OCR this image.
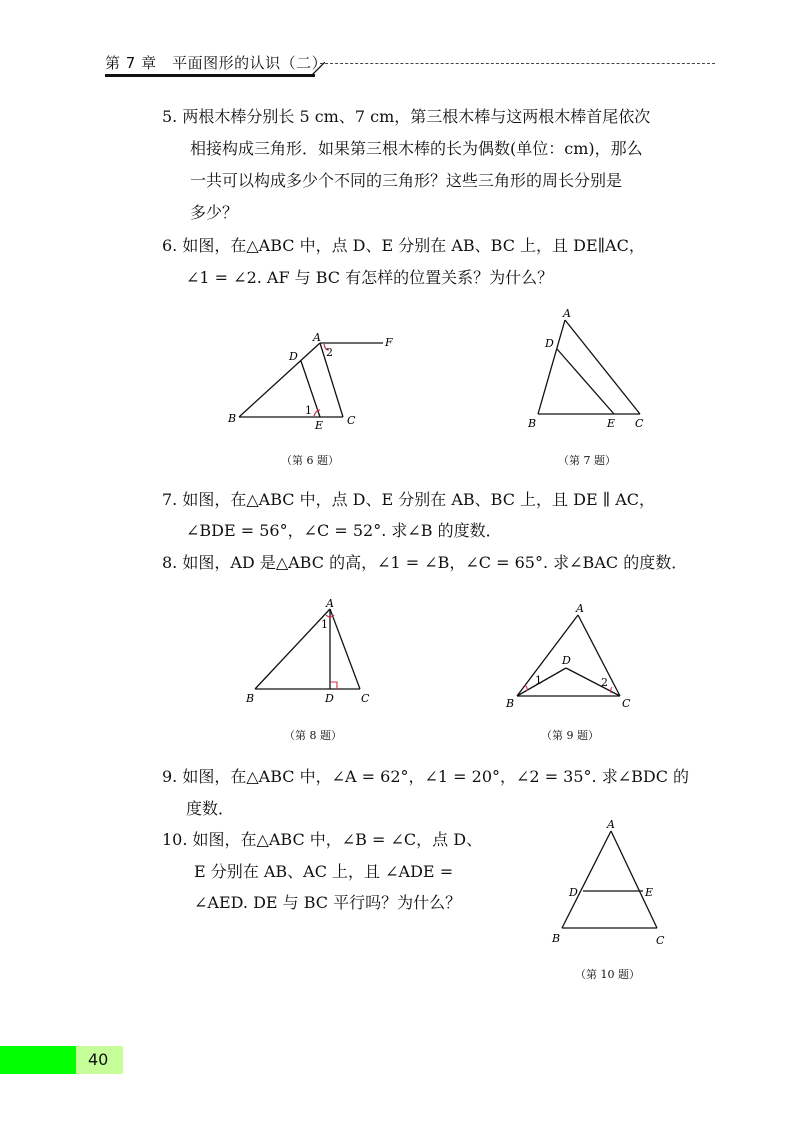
第 7 章　平面图形的认识（二）
5. 两根木棒分别长 5 cm、7 cm，第三根木棒与这两根木棒首尾依次
相接构成三角形．如果第三根木棒的长为偶数(单位：cm)，那么
一共可以构成多少个不同的三角形？这些三角形的周长分别是
多少？
6. 如图，在△ABC 中，点 D、E 分别在 AB、BC 上，且 DE∥AC，
∠1 = ∠2. AF 与 BC 有怎样的位置关系？为什么？
A
B	C
D
E
F
1
2
（第 6 题）
A
B	C
D
E
（第 7 题）
7. 如图，在△ABC 中，点 D、E 分别在 AB、BC 上，且 DE ∥ AC，
∠BDE = 56°，∠C = 52°. 求∠B 的度数．
8. 如图，AD 是△ABC 的高，∠1 = ∠B，∠C = 65°. 求∠BAC 的度数．
A
B	C
D
1
（第 8 题）
A
B	C
D
1	2
（第 9 题）
9. 如图，在△ABC 中，∠A = 62°，∠1 = 20°，∠2 = 35°. 求∠BDC 的
度数．
10. 如图，在△ABC 中，∠B = ∠C，点 D、
E 分别在 AB、AC 上，且 ∠ADE =
∠AED. DE 与 BC 平行吗？为什么？
A
B	C
D	E
（第 10 题）
40
